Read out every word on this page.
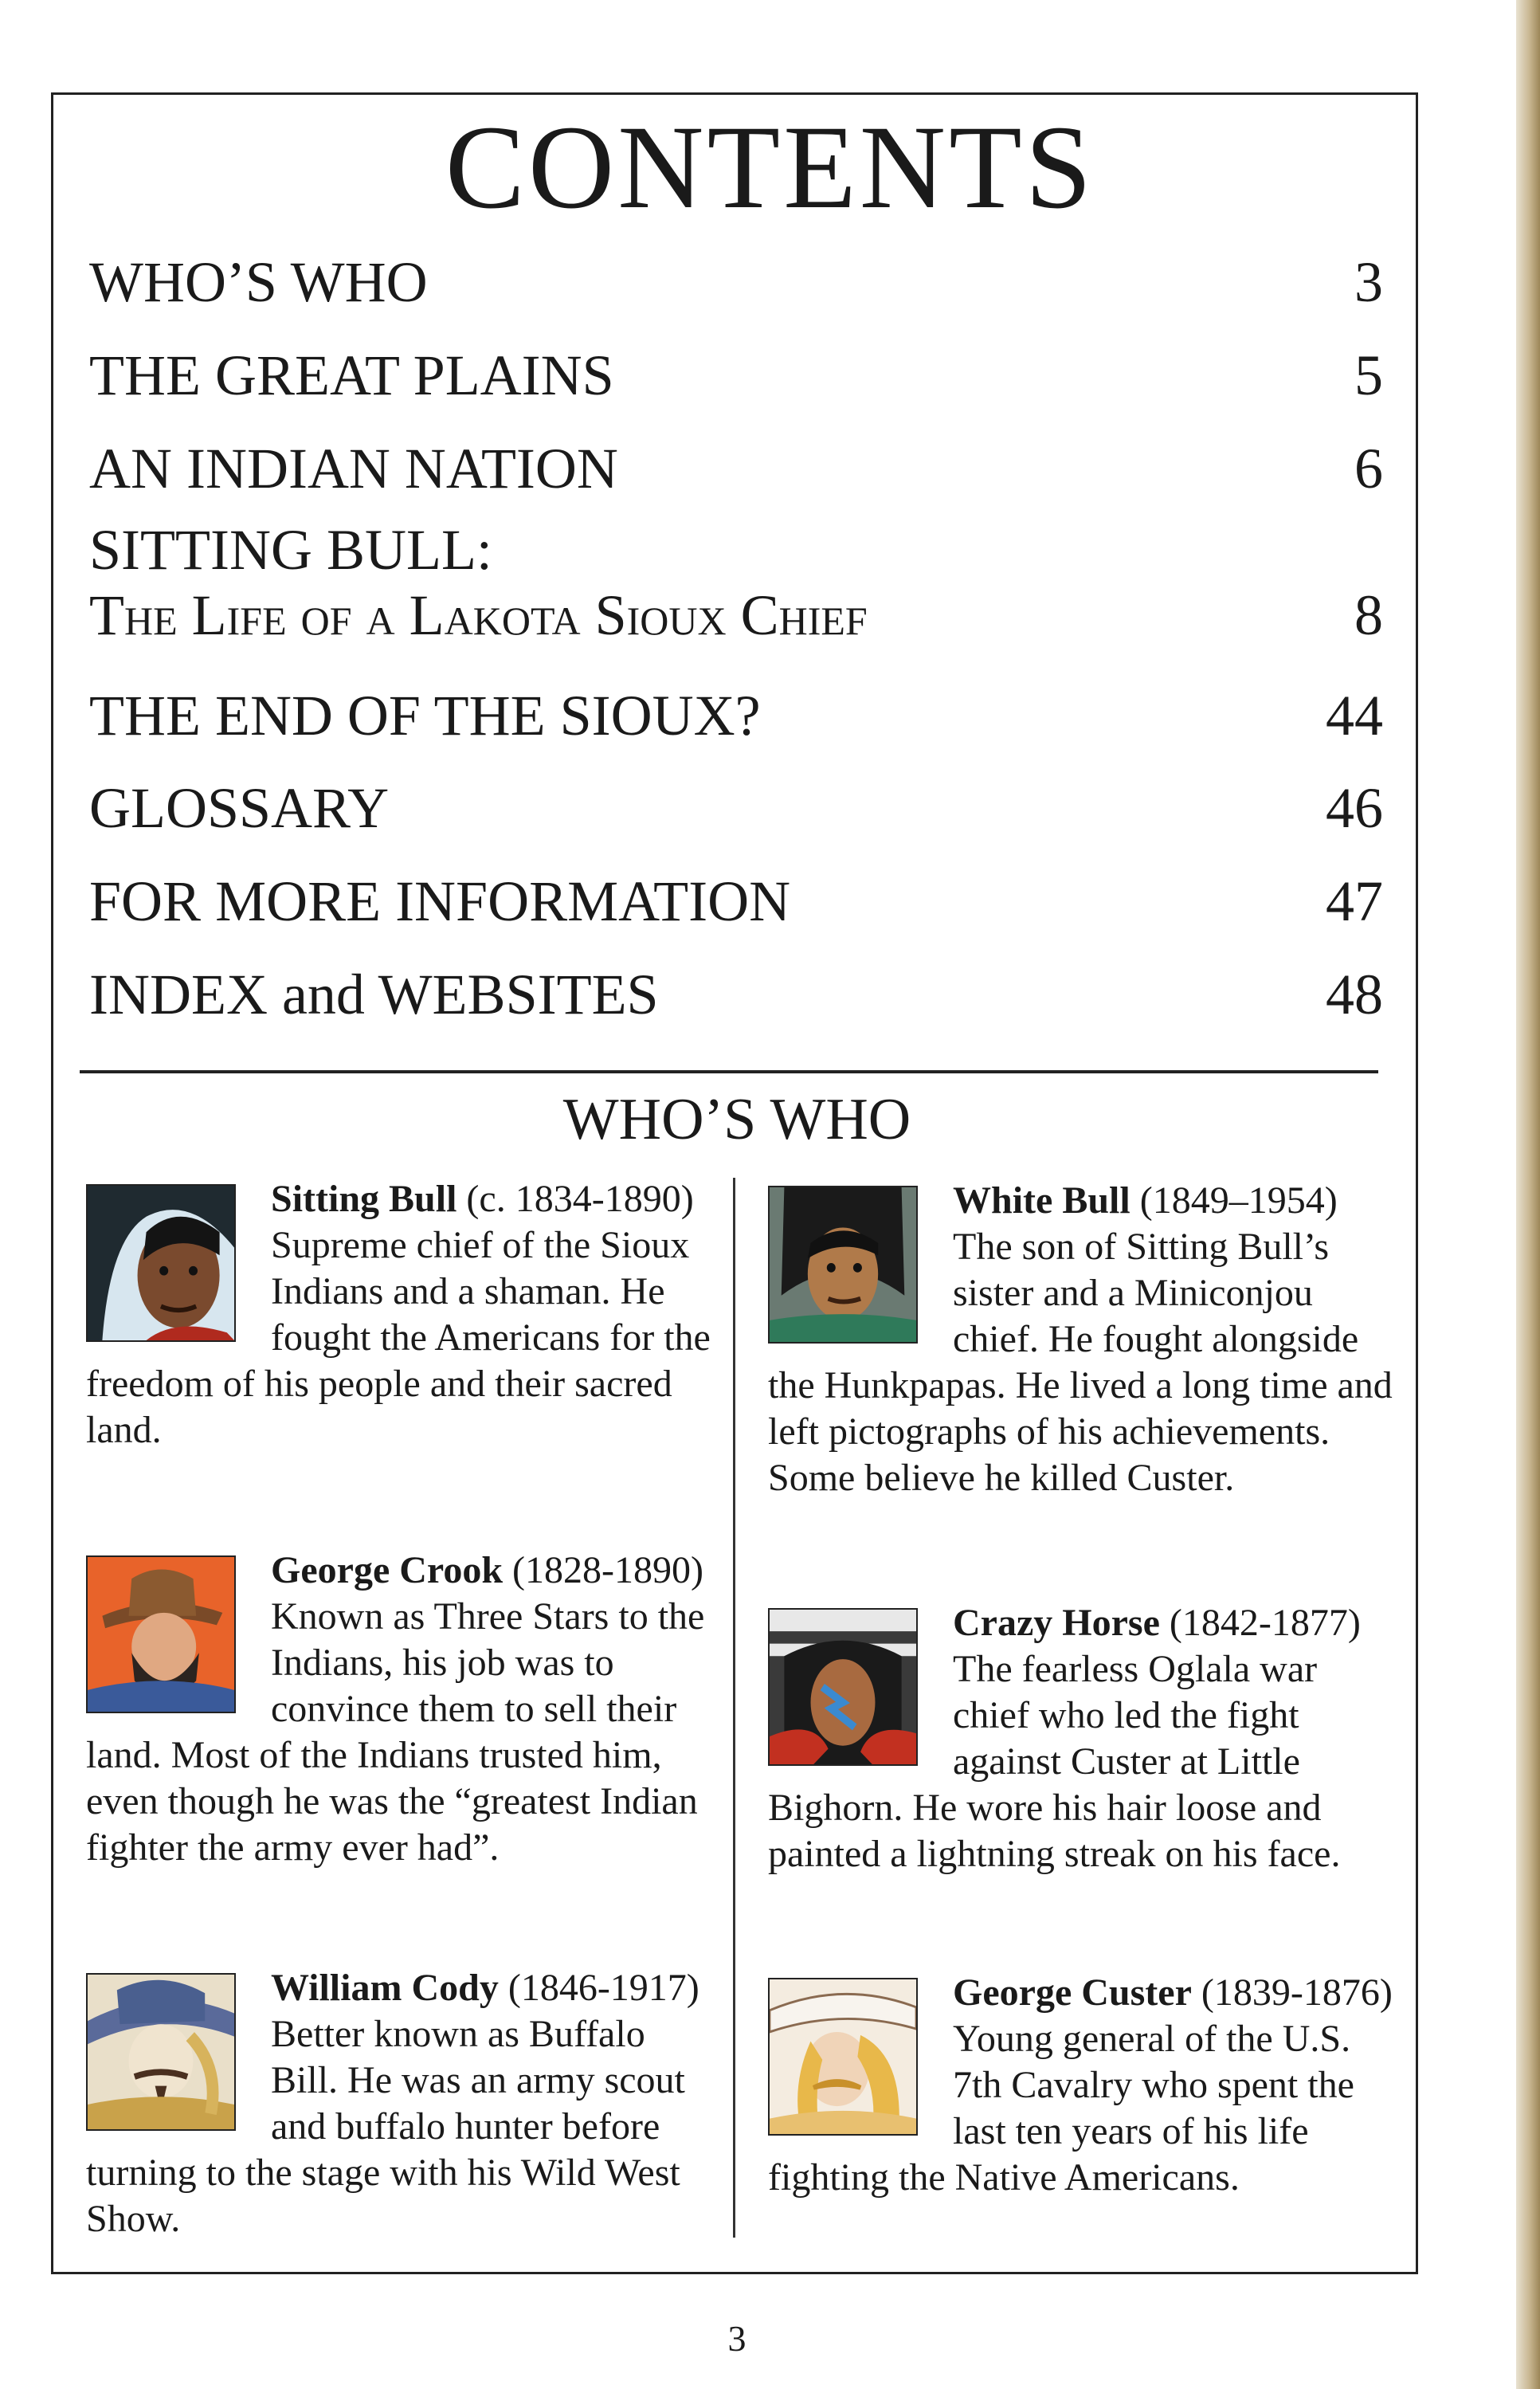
CONTENTS
WHO’S WHO	3
THE GREAT PLAINS	5
AN INDIAN NATION	6
SITTING BULL:
The Life of a Lakota Sioux Chief	8
THE END OF THE SIOUX?	44
GLOSSARY	46
FOR MORE INFORMATION	47
INDEX and WEBSITES	48
WHO’S WHO
Sitting Bull (c. 1834-1890) Supreme chief of the Sioux Indians and a shaman. He fought the Americans for the freedom of his people and their sacred land.
George Crook (1828-1890) Known as Three Stars to the Indians, his job was to convince them to sell their land. Most of the Indians trusted him, even though he was the “greatest Indian fighter the army ever had”.
William Cody (1846-1917) Better known as Buffalo Bill. He was an army scout and buffalo hunter before turning to the stage with his Wild West Show.
White Bull (1849–1954) The son of Sitting Bull’s sister and a Miniconjou chief. He fought alongside the Hunkpapas. He lived a long time and left pictographs of his achievements. Some believe he killed Custer.
Crazy Horse (1842-1877) The fearless Oglala war chief who led the fight against Custer at Little Bighorn. He wore his hair loose and painted a lightning streak on his face.
George Custer (1839-1876) Young general of the U.S. 7th Cavalry who spent the last ten years of his life fighting the Native Americans.
3
